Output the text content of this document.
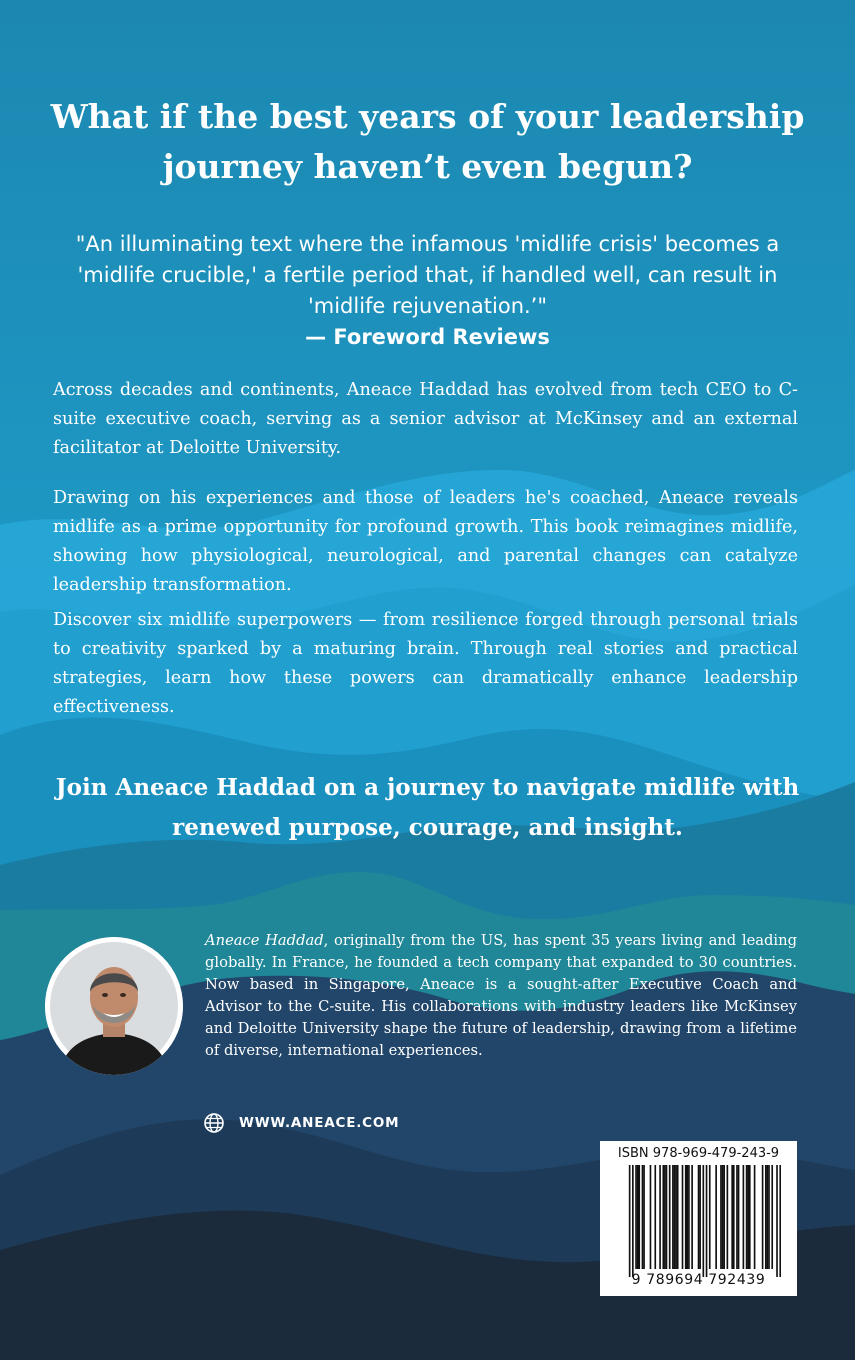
What if the best years of your leadership journey haven’t even begun?

"An illuminating text where the infamous 'midlife crisis' becomes a 'midlife crucible,' a fertile period that, if handled well, can result in 'midlife rejuvenation.’"
— Foreword Reviews

Across decades and continents, Aneace Haddad has evolved from tech CEO to C-suite executive coach, serving as a senior advisor at McKinsey and an external facilitator at Deloitte University.

Drawing on his experiences and those of leaders he's coached, Aneace reveals midlife as a prime opportunity for profound growth. This book reimagines midlife, showing how physiological, neurological, and parental changes can catalyze leadership transformation.

Discover six midlife superpowers — from resilience forged through personal trials to creativity sparked by a maturing brain. Through real stories and practical strategies, learn how these powers can dramatically enhance leadership effectiveness.

Join Aneace Haddad on a journey to navigate midlife with renewed purpose, courage, and insight.

Aneace Haddad, originally from the US, has spent 35 years living and leading globally. In France, he founded a tech company that expanded to 30 countries. Now based in Singapore, Aneace is a sought-after Executive Coach and Advisor to the C-suite. His collaborations with industry leaders like McKinsey and Deloitte University shape the future of leadership, drawing from a lifetime of diverse, international experiences.

WWW.ANEACE.COM

ISBN 978-969-479-243-9

9 789694 792439
